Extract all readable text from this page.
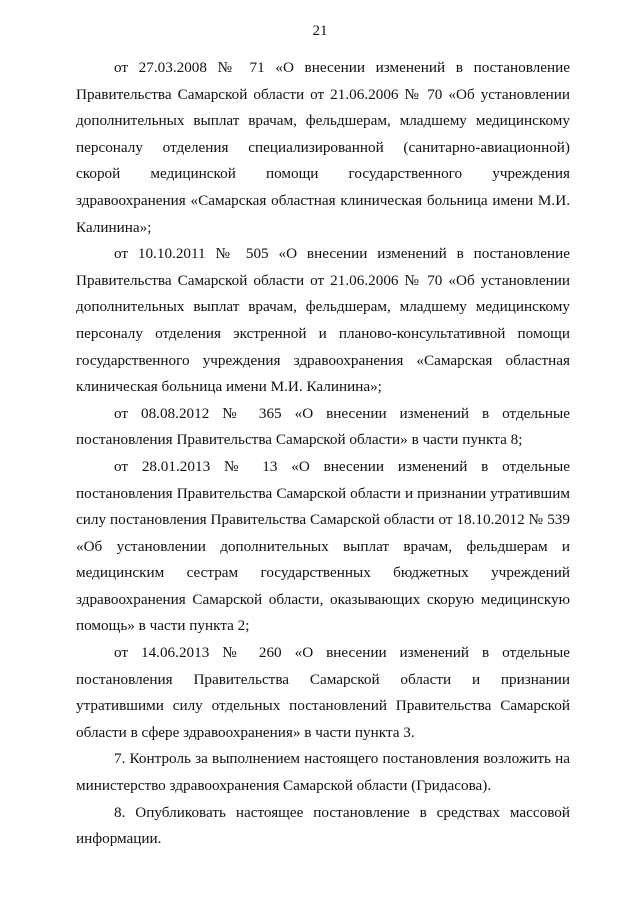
21

от 27.03.2008 № 71 «О внесении изменений в постановление Правительства Самарской области от 21.06.2006 № 70 «Об установлении дополнительных выплат врачам, фельдшерам, младшему медицинскому персоналу отделения специализированной (санитарно-авиационной) скорой медицинской помощи государственного учреждения здравоохранения «Самарская областная клиническая больница имени М.И. Калинина»;

от 10.10.2011 № 505 «О внесении изменений в постановление Правительства Самарской области от 21.06.2006 № 70 «Об установлении дополнительных выплат врачам, фельдшерам, младшему медицинскому персоналу отделения экстренной и планово-консультативной помощи государственного учреждения здравоохранения «Самарская областная клиническая больница имени М.И. Калинина»;

от 08.08.2012 № 365 «О внесении изменений в отдельные постановления Правительства Самарской области» в части пункта 8;

от 28.01.2013 № 13 «О внесении изменений в отдельные постановления Правительства Самарской области и признании утратившим силу постановления Правительства Самарской области от 18.10.2012 № 539 «Об установлении дополнительных выплат врачам, фельдшерам и медицинским сестрам государственных бюджетных учреждений здравоохранения Самарской области, оказывающих скорую медицинскую помощь» в части пункта 2;

от 14.06.2013 № 260 «О внесении изменений в отдельные постановления Правительства Самарской области и признании утратившими силу отдельных постановлений Правительства Самарской области в сфере здравоохранения» в части пункта 3.

7. Контроль за выполнением настоящего постановления возложить на министерство здравоохранения Самарской области (Гридасова).

8. Опубликовать настоящее постановление в средствах массовой информации.
